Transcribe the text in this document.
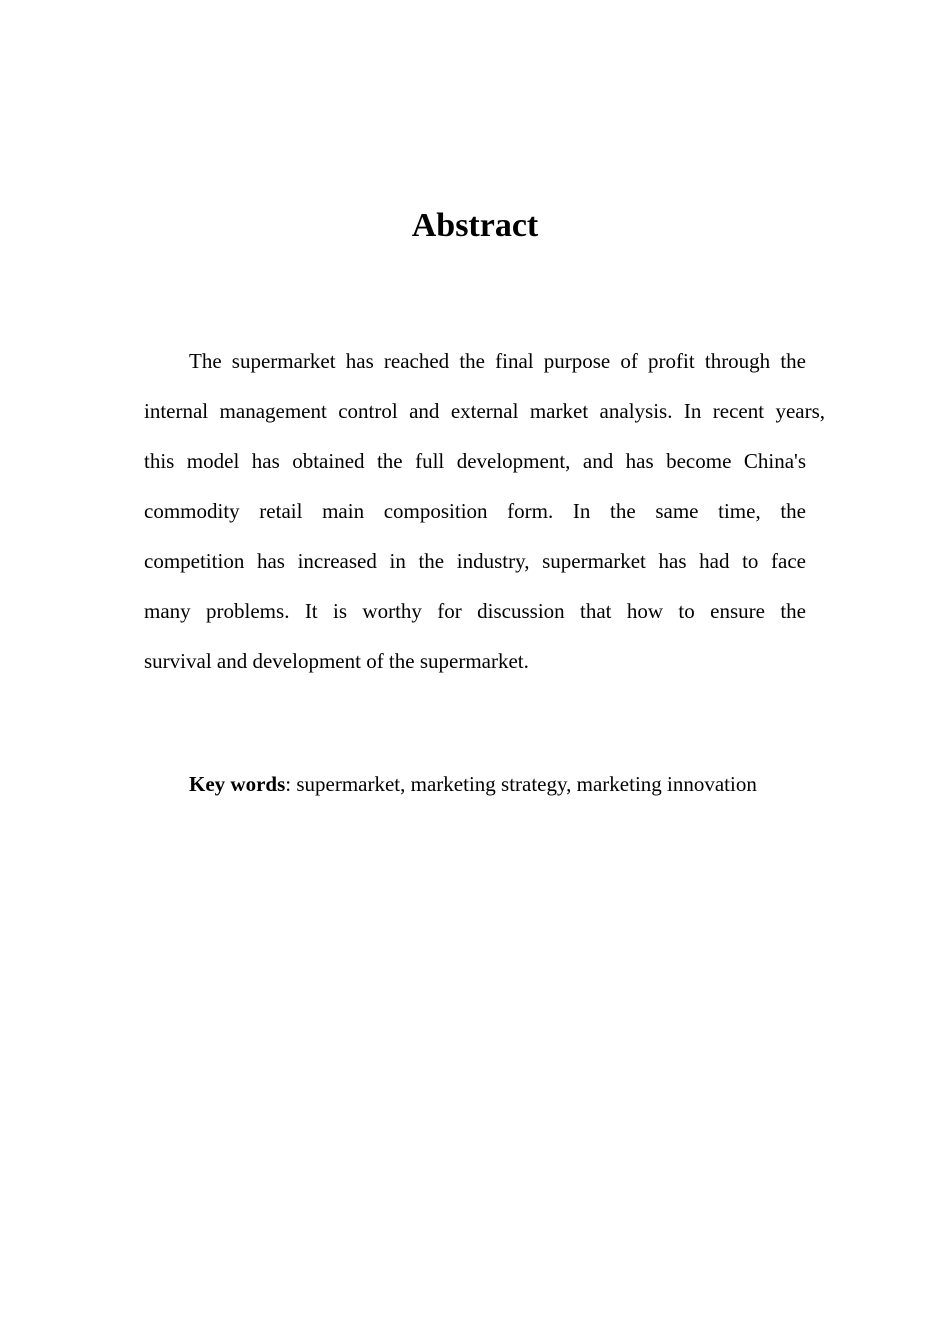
Abstract
The supermarket has reached the final purpose of profit through the
internal management control and external market analysis. In recent years,
this model has obtained the full development, and has become China's
commodity retail main composition form. In the same time, the
competition has increased in the industry, supermarket has had to face
many problems. It is worthy for discussion that how to ensure the
survival and development of the supermarket.
Key words: supermarket, marketing strategy, marketing innovation
